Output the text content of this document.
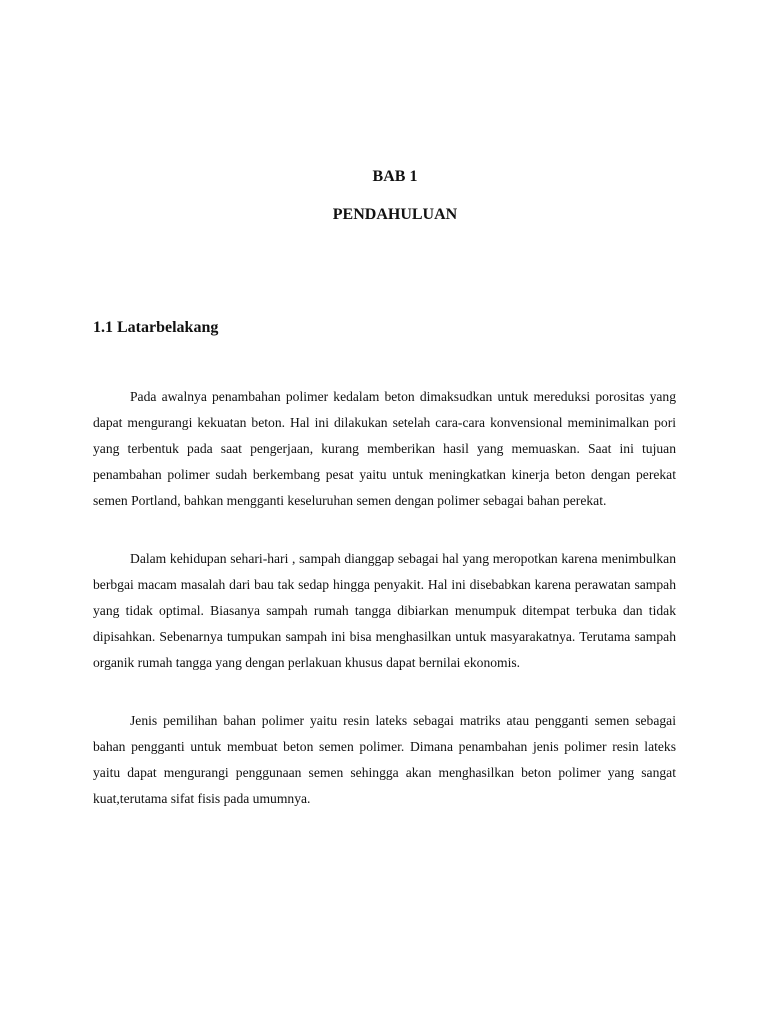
BAB 1
PENDAHULUAN
1.1 Latarbelakang

Pada awalnya penambahan polimer kedalam beton dimaksudkan untuk mereduksi porositas yang dapat mengurangi kekuatan beton. Hal ini dilakukan setelah cara-cara konvensional meminimalkan pori yang terbentuk pada saat pengerjaan, kurang memberikan hasil yang memuaskan. Saat ini tujuan penambahan polimer sudah berkembang pesat yaitu untuk meningkatkan kinerja beton dengan perekat semen Portland, bahkan mengganti keseluruhan semen dengan polimer sebagai bahan perekat.

Dalam kehidupan sehari-hari , sampah dianggap sebagai hal yang meropotkan karena menimbulkan berbgai macam masalah dari bau tak sedap hingga penyakit. Hal ini disebabkan karena perawatan sampah yang tidak optimal. Biasanya sampah rumah tangga dibiarkan menumpuk ditempat terbuka dan tidak dipisahkan. Sebenarnya tumpukan sampah ini bisa menghasilkan untuk masyarakatnya. Terutama sampah organik rumah tangga yang dengan perlakuan khusus dapat bernilai ekonomis.

Jenis pemilihan bahan polimer yaitu resin lateks sebagai matriks atau pengganti semen sebagai bahan pengganti untuk membuat beton semen polimer. Dimana penambahan jenis polimer resin lateks yaitu dapat mengurangi penggunaan semen sehingga akan menghasilkan beton polimer yang sangat kuat,terutama sifat fisis pada umumnya.
